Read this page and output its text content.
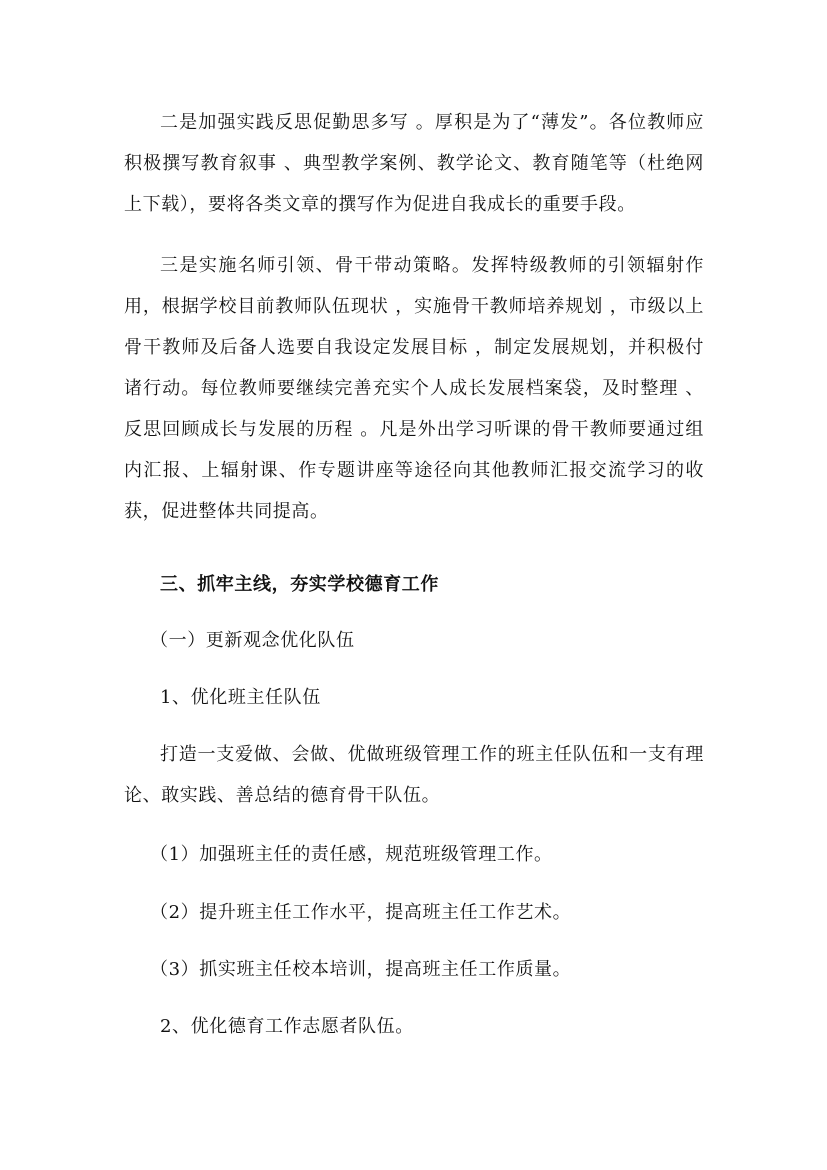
二是加强实践反思促勤思多写 。厚积是为了“薄发”。各位教师应积极撰写教育叙事 、典型教学案例、教学论文、教育随笔等（杜绝网上下载），要将各类文章的撰写作为促进自我成长的重要手段。

三是实施名师引领、骨干带动策略。发挥特级教师的引领辐射作用，根据学校目前教师队伍现状 ，实施骨干教师培养规划 ，市级以上骨干教师及后备人选要自我设定发展目标 ，制定发展规划，并积极付诸行动。每位教师要继续完善充实个人成长发展档案袋，及时整理 、反思回顾成长与发展的历程 。凡是外出学习听课的骨干教师要通过组内汇报、上辐射课、作专题讲座等途径向其他教师汇报交流学习的收获，促进整体共同提高。

三、抓牢主线，夯实学校德育工作
（一）更新观念优化队伍
1、优化班主任队伍

打造一支爱做、会做、优做班级管理工作的班主任队伍和一支有理论、敢实践、善总结的德育骨干队伍。

（1）加强班主任的责任感，规范班级管理工作。
（2）提升班主任工作水平，提高班主任工作艺术。
（3）抓实班主任校本培训，提高班主任工作质量。
2、优化德育工作志愿者队伍。
